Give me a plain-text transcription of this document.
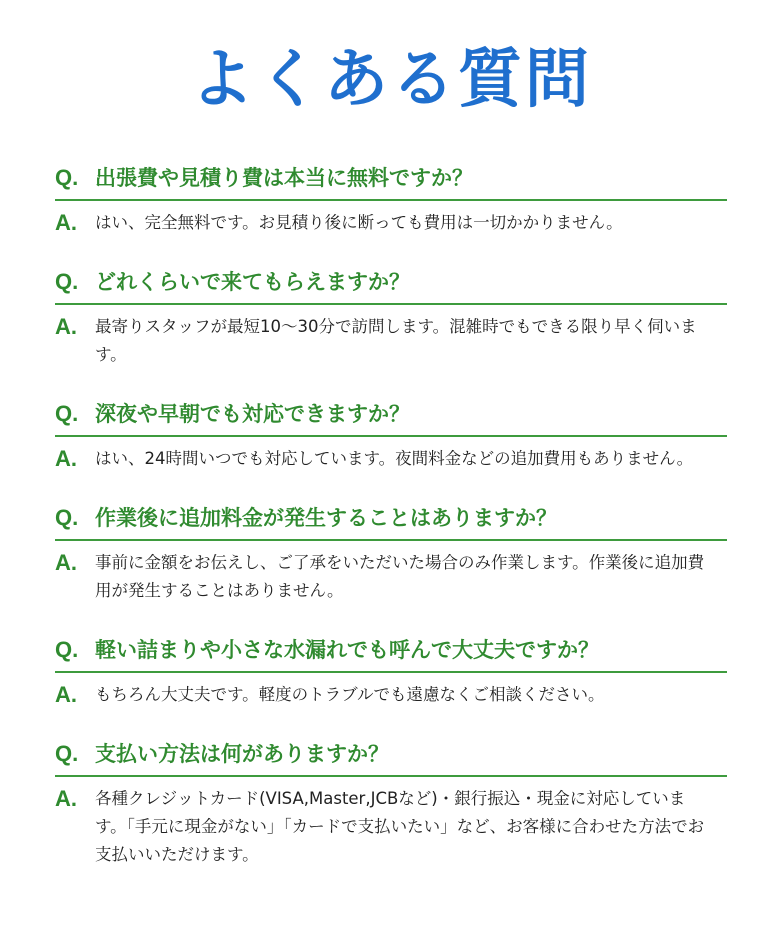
よくある質問
Q. 出張費や見積り費は本当に無料ですか？
A.	はい、完全無料です。お見積り後に断っても費用は一切かかりません。
Q. どれくらいで来てもらえますか？
A.	最寄りスタッフが最短10〜30分で訪問します。混雑時でもできる限り早く伺います。
Q. 深夜や早朝でも対応できますか？
A.	はい、24時間いつでも対応しています。夜間料金などの追加費用もありません。
Q. 作業後に追加料金が発生することはありますか？
A.	事前に金額をお伝えし、ご了承をいただいた場合のみ作業します。作業後に追加費用が発生することはありません。
Q. 軽い詰まりや小さな水漏れでも呼んで大丈夫ですか？
A.	もちろん大丈夫です。軽度のトラブルでも遠慮なくご相談ください。
Q. 支払い方法は何がありますか？
A.	各種クレジットカード(VISA,Master,JCBなど)・銀行振込・現金に対応しています。「手元に現金がない」「カードで支払いたい」など、お客様に合わせた方法でお支払いいただけます。
